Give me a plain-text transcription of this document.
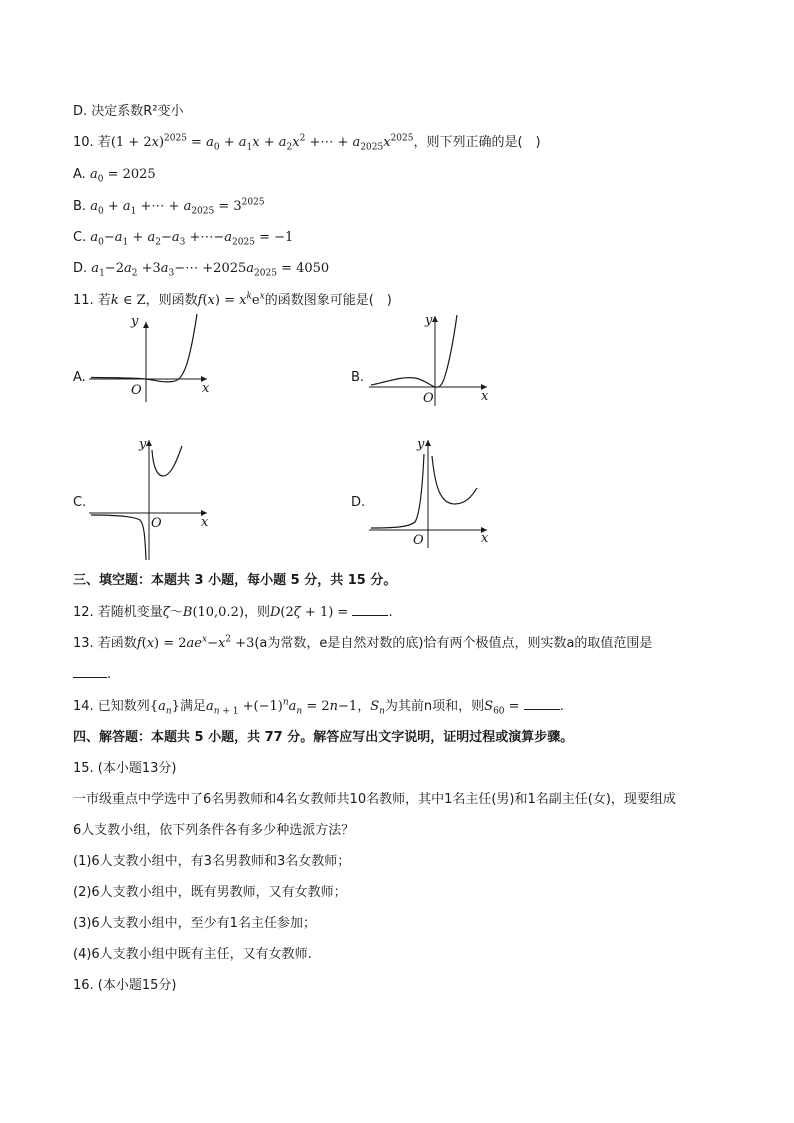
D. 决定系数R²变小
10. 若$(1 + 2x)^{2025} = a_0 + a_1x + a_2x^2$ +⋯ + $a_{2025}x^{2025}$，则下列正确的是(　)
A. $a_0 = 2025$
B. $a_0 + a_1$ +⋯ + $a_{2025} = 3^{2025}$
C. $a_0-a_1 + a_2-a_3$ $+\cdots-a_{2025} = -1$
D. $a_1-2a_2$ $+3a_3-\cdots +2025a_{2025} = 4050$
11. 若k ∈ Z，则函数$f(x) = x^ke^x$的函数图象可能是(　)
A.	B.
C.	D.
y
x
O
y
x
O
y
x
O
y
x
O
三、填空题：本题共 3 小题，每小题 5 分，共 15 分。
12. 若随机变量ζ～B(10,0.2)，则D(2ζ + 1) =	.
13. 若函数$f(x) = 2ae^x-x^2 +3(a$为常数，e是自然对数的底)恰有两个极值点，则实数a的取值范围是
.
14. 已知数列$\{a_n\}$满足$a_{n + 1} +(-1)^na_n = 2n-1$，$S_n$为其前n项和，则$S_{60}$ =	.
四、解答题：本题共 5 小题，共 77 分。解答应写出文字说明，证明过程或演算步骤。
15. (本小题13分)
一市级重点中学选中了6名男教师和4名女教师共10名教师，其中1名主任(男)和1名副主任(女)，现要组成
6人支教小组，依下列条件各有多少种选派方法？
(1)6人支教小组中，有3名男教师和3名女教师；
(2)6人支教小组中，既有男教师，又有女教师；
(3)6人支教小组中，至少有1名主任参加；
(4)6人支教小组中既有主任，又有女教师.
16. (本小题15分)
